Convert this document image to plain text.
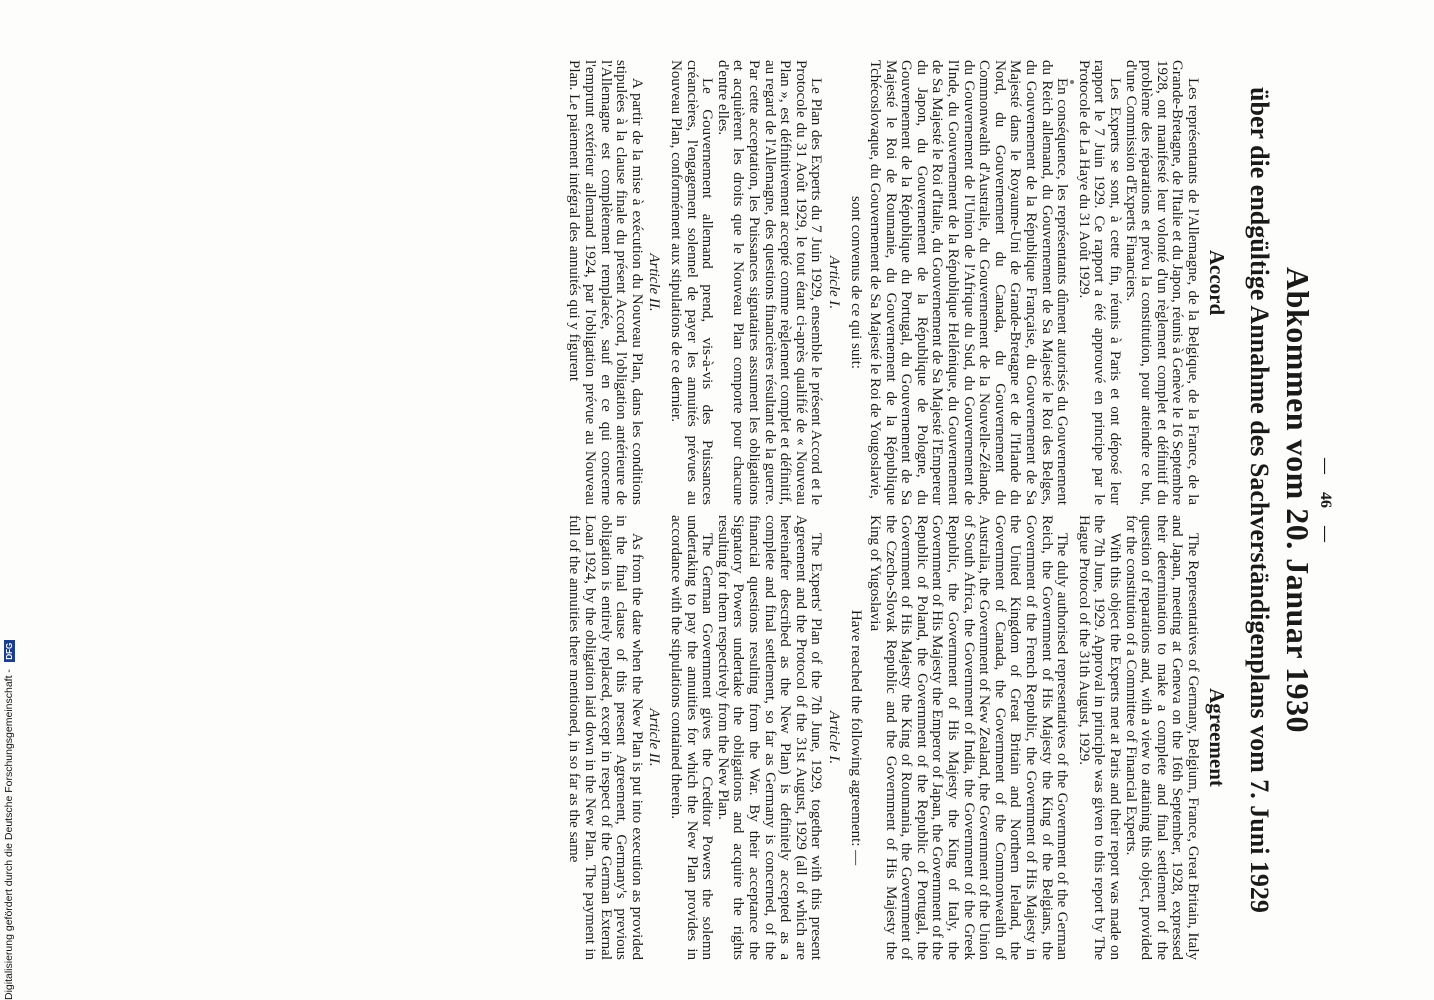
— 46 —
Abkommen vom 20. Januar 1930
über die endgültige Annahme des Sachverständigenplans vom 7. Juni 1929
Accord

Les représentants de l'Allemagne, de la Belgique, de la France, de la Grande-Bretagne, de l'Italie et du Japon, réunis à Genève le 16 Septembre 1928, ont manifesté leur volonté d'un règlement complet et définitif du problème des réparations et prévu la constitution, pour atteindre ce but, d'une Commission d'Experts Financiers.

Les Experts se sont, à cette fin, réunis à Paris et ont déposé leur rapport le 7 Juin 1929. Ce rapport a été approuvé en principe par le Protocole de La Haye du 31 Août 1929.

En conséquence, les représentants dûment autorisés du Gouvernement du Reich allemand, du Gouvernement de Sa Majesté le Roi des Belges, du Gouvernement de la République Française, du Gouvernement de Sa Majesté dans le Royaume-Uni de Grande-Bretagne et de l'Irlande du Nord, du Gouvernement du Canada, du Gouvernement du Commonwealth d'Australie, du Gouvernement de la Nouvelle-Zélande, du Gouvernement de l'Union de l'Afrique du Sud, du Gouvernement de l'Inde, du Gouvernement de la République Hellénique, du Gouvernement de Sa Majesté le Roi d'Italie, du Gouvernement de Sa Majesté l'Empereur du Japon, du Gouvernement de la République de Pologne, du Gouvernement de la République du Portugal, du Gouvernement de Sa Majesté le Roi de Roumanie, du Gouvernement de la République Tchécoslovaque, du Gouvernement de Sa Majesté le Roi de Yougoslavie,

sont convenus de ce qui suit:
Article I.

Le Plan des Experts du 7 Juin 1929, ensemble le présent Accord et le Protocole du 31 Août 1929, le tout étant ci-après qualifié de « Nouveau Plan », est définitivement accepté comme règlement complet et définitif, au regard de l'Allemagne, des questions financières résultant de la guerre. Par cette acceptation, les Puissances signataires assument les obligations et acquièrent les droits que le Nouveau Plan comporte pour chacune d'entre elles.

Le Gouvernement allemand prend, vis-à-vis des Puissances créancières, l'engagement solennel de payer les annuités prévues au Nouveau Plan, conformément aux stipulations de ce dernier.

Article II.

A partir de la mise à exécution du Nouveau Plan, dans les conditions stipulées à la clause finale du présent Accord, l'obligation antérieure de l'Allemagne est complètement remplacée, sauf en ce qui concerne l'emprunt extérieur allemand 1924, par l'obligation prévue au Nouveau Plan. Le paiement intégral des annuités qui y figurent

Agreement

The Representatives of Germany, Belgium, France, Great Britain, Italy and Japan, meeting at Geneva on the 16th September, 1928, expressed their determination to make a complete and final settlement of the question of reparations and, with a view to attaining this object, provided for the constitution of a Committee of Financial Experts.

With this object the Experts met at Paris and their report was made on the 7th June, 1929. Approval in principle was given to this report by The Hague Protocol of the 31th August, 1929.

The duly authorised representatives of the Government of the German Reich, the Government of His Majesty the King of the Belgians, the Government of the French Republic, the Government of His Majesty in the United Kingdom of Great Britain and Northern Ireland, the Government of Canada, the Government of the Commonwealth of Australia, the Government of New Zealand, the Government of the Union of South Africa, the Government of India, the Government of the Greek Republic, the Government of His Majesty the King of Italy, the Government of His Majesty the Emperor of Japan, the Government of the Republic of Poland, the Government of the Republic of Portugal, the Government of His Majesty the King of Roumania, the Government of the Czecho-Slovak Republic and the Government of His Majesty the King of Yugoslavia

Have reached the following agreement: —
Article I.

The Experts' Plan of the 7th June, 1929, together with this present Agreement and the Protocol of the 31st August, 1929 (all of which are hereinafter described as the New Plan) is definitely accepted as a complete and final settlement, so far as Germany is concerned, of the financial questions resulting from the War. By their acceptance the Signatory Powers undertake the obligations and acquire the rights resulting for them respectively from the New Plan.

The German Government gives the Creditor Powers the solemn undertaking to pay the annuities for which the New Plan provides in accordance with the stipulations contained therein.

Article II.

As from the date when the New Plan is put into execution as provided in the final clause of this present Agreement, Germany's previous obligation is entirely replaced, except in respect of the German External Loan 1924, by the obligation laid down in the New Plan. The payment in full of the annuities there mentioned, in so far as the same

Digitalisierung gefördert durch die Deutsche Forschungsgemeinschaft - DFG
